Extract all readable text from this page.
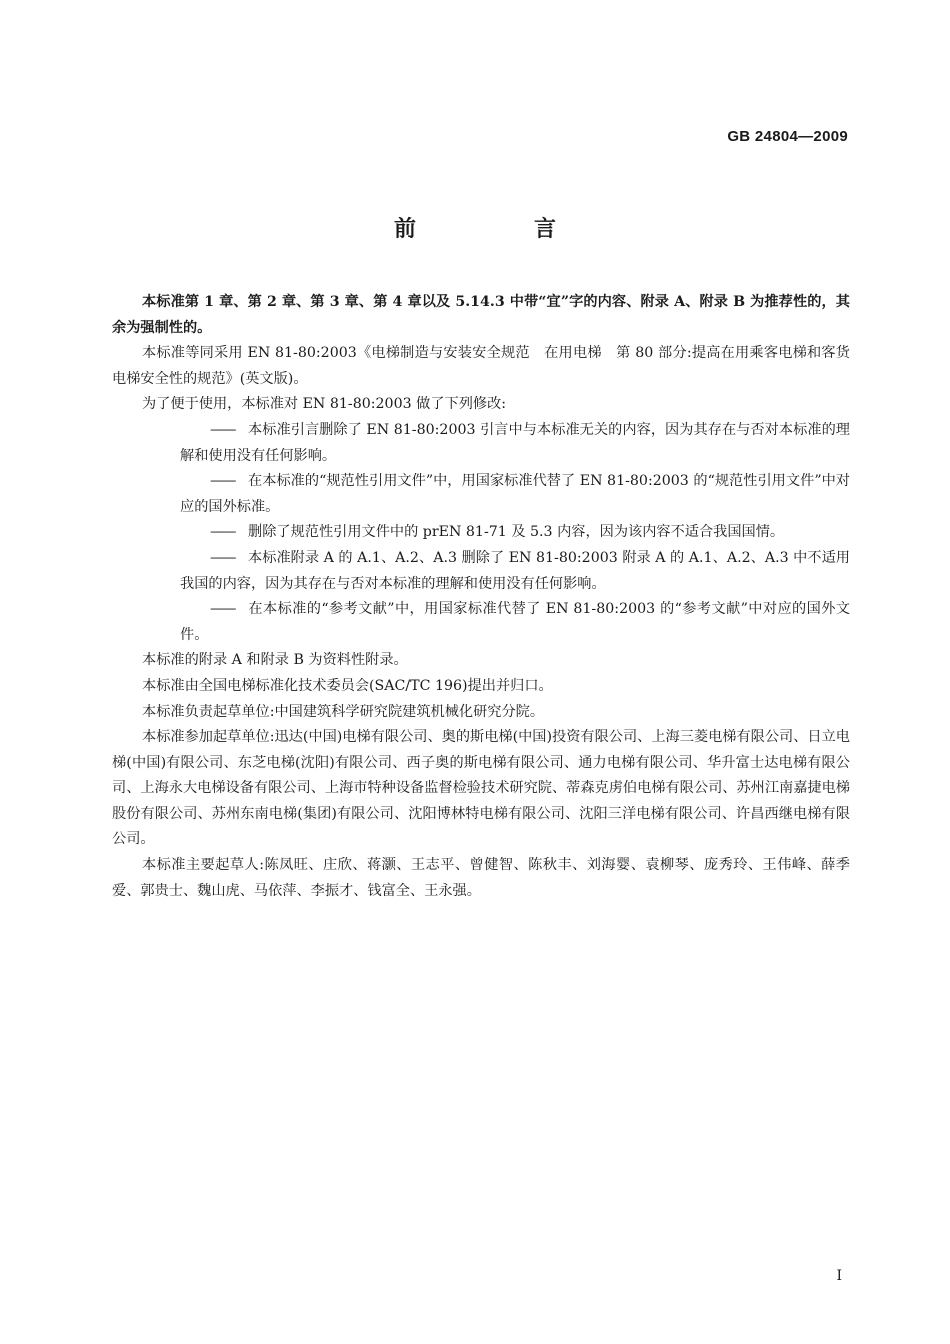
GB 24804—2009
前　言

本标准第 1 章、第 2 章、第 3 章、第 4 章以及 5.14.3 中带“宜”字的内容、附录 A、附录 B 为推荐性的，其余为强制性的。

本标准等同采用 EN 81-80:2003《电梯制造与安装安全规范　在用电梯　第 80 部分:提高在用乘客电梯和客货电梯安全性的规范》(英文版)。

为了便于使用，本标准对 EN 81-80:2003 做了下列修改:

—— 本标准引言删除了 EN 81-80:2003 引言中与本标准无关的内容，因为其存在与否对本标准的理解和使用没有任何影响。

—— 在本标准的“规范性引用文件”中，用国家标准代替了 EN 81-80:2003 的“规范性引用文件”中对应的国外标准。

—— 删除了规范性引用文件中的 prEN 81-71 及 5.3 内容，因为该内容不适合我国国情。

—— 本标准附录 A 的 A.1、A.2、A.3 删除了 EN 81-80:2003 附录 A 的 A.1、A.2、A.3 中不适用我国的内容，因为其存在与否对本标准的理解和使用没有任何影响。

—— 在本标准的“参考文献”中，用国家标准代替了 EN 81-80:2003 的“参考文献”中对应的国外文件。

本标准的附录 A 和附录 B 为资料性附录。

本标准由全国电梯标准化技术委员会(SAC/TC 196)提出并归口。

本标准负责起草单位:中国建筑科学研究院建筑机械化研究分院。

本标准参加起草单位:迅达(中国)电梯有限公司、奥的斯电梯(中国)投资有限公司、上海三菱电梯有限公司、日立电梯(中国)有限公司、东芝电梯(沈阳)有限公司、西子奥的斯电梯有限公司、通力电梯有限公司、华升富士达电梯有限公司、上海永大电梯设备有限公司、上海市特种设备监督检验技术研究院、蒂森克虏伯电梯有限公司、苏州江南嘉捷电梯股份有限公司、苏州东南电梯(集团)有限公司、沈阳博林特电梯有限公司、沈阳三洋电梯有限公司、许昌西继电梯有限公司。

本标准主要起草人:陈凤旺、庄欣、蒋灏、王志平、曾健智、陈秋丰、刘海婴、袁柳琴、庞秀玲、王伟峰、薛季爱、郭贵士、魏山虎、马依萍、李振才、钱富全、王永强。

I
